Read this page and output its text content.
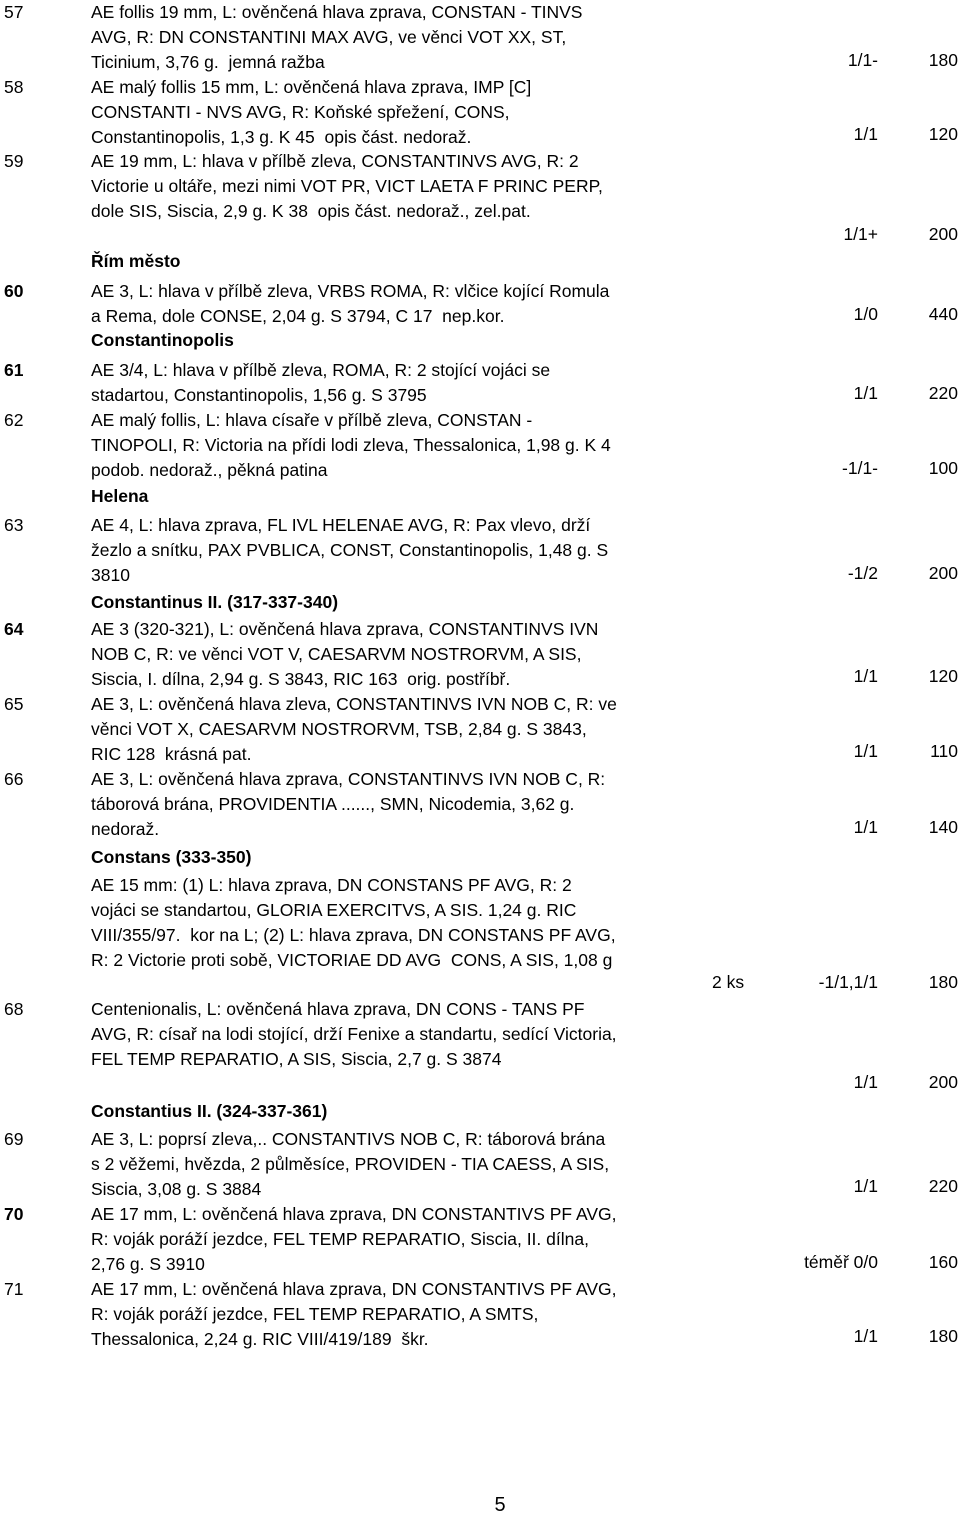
Řím město
Constantinopolis
Helena
Constantinus II. (317-337-340)
Constans (333-350)
Constantius II. (324-337-361)
57	AE follis 19 mm, L: ověnčená hlava zprava, CONSTAN - TINVS
AVG, R: DN CONSTANTINI MAX AVG, ve věnci VOT XX, ST,
Ticinium, 3,76 g.  jemná ražba	1/1-	180
58	AE malý follis 15 mm, L: ověnčená hlava zprava, IMP [C]
CONSTANTI - NVS AVG, R: Koňské spřežení, CONS,
Constantinopolis, 1,3 g. K 45  opis část. nedoraž.	1/1	120
59	AE 19 mm, L: hlava v přílbě zleva, CONSTANTINVS AVG, R: 2
Victorie u oltáře, mezi nimi VOT PR, VICT LAETA F PRINC PERP,
dole SIS, Siscia, 2,9 g. K 38  opis část. nedoraž., zel.pat.
1/1+	200
60	AE 3, L: hlava v přílbě zleva, VRBS ROMA, R: vlčice kojící Romula
a Rema, dole CONSE, 2,04 g. S 3794, C 17  nep.kor.	1/0	440
61	AE 3/4, L: hlava v přílbě zleva, ROMA, R: 2 stojící vojáci se
stadartou, Constantinopolis, 1,56 g. S 3795	1/1	220
62	AE malý follis, L: hlava císaře v přílbě zleva, CONSTAN -
TINOPOLI, R: Victoria na přídi lodi zleva, Thessalonica, 1,98 g. K 4
podob. nedoraž., pěkná patina	-1/1-	100
63	AE 4, L: hlava zprava, FL IVL HELENAE AVG, R: Pax vlevo, drží
žezlo a snítku, PAX PVBLICA, CONST, Constantinopolis, 1,48 g. S
3810	-1/2	200
64	AE 3 (320-321), L: ověnčená hlava zprava, CONSTANTINVS IVN
NOB C, R: ve věnci VOT V, CAESARVM NOSTRORVM, A SIS,
Siscia, I. dílna, 2,94 g. S 3843, RIC 163  orig. postříbř.	1/1	120
65	AE 3, L: ověnčená hlava zleva, CONSTANTINVS IVN NOB C, R: ve
věnci VOT X, CAESARVM NOSTRORVM, TSB, 2,84 g. S 3843,
RIC 128  krásná pat.	1/1	110
66	AE 3, L: ověnčená hlava zprava, CONSTANTINVS IVN NOB C, R:
táborová brána, PROVIDENTIA ......, SMN, Nicodemia, 3,62 g.
nedoraž.	1/1	140
AE 15 mm: (1) L: hlava zprava, DN CONSTANS PF AVG, R: 2
vojáci se standartou, GLORIA EXERCITVS, A SIS. 1,24 g. RIC
VIII/355/97.  kor na L; (2) L: hlava zprava, DN CONSTANS PF AVG,
R: 2 Victorie proti sobě, VICTORIAE DD AVG  CONS, A SIS, 1,08 g
2 ks	-1/1,1/1	180
68	Centenionalis, L: ověnčená hlava zprava, DN CONS - TANS PF
AVG, R: císař na lodi stojící, drží Fenixe a standartu, sedící Victoria,
FEL TEMP REPARATIO, A SIS, Siscia, 2,7 g. S 3874
1/1	200
69	AE 3, L: poprsí zleva,.. CONSTANTIVS NOB C, R: táborová brána
s 2 věžemi, hvězda, 2 půlměsíce, PROVIDEN - TIA CAESS, A SIS,
Siscia, 3,08 g. S 3884	1/1	220
70	AE 17 mm, L: ověnčená hlava zprava, DN CONSTANTIVS PF AVG,
R: voják poráží jezdce, FEL TEMP REPARATIO, Siscia, II. dílna,
2,76 g. S 3910	téměř 0/0	160
71	AE 17 mm, L: ověnčená hlava zprava, DN CONSTANTIVS PF AVG,
R: voják poráží jezdce, FEL TEMP REPARATIO, A SMTS,
Thessalonica, 2,24 g. RIC VIII/419/189  škr.	1/1	180
5
